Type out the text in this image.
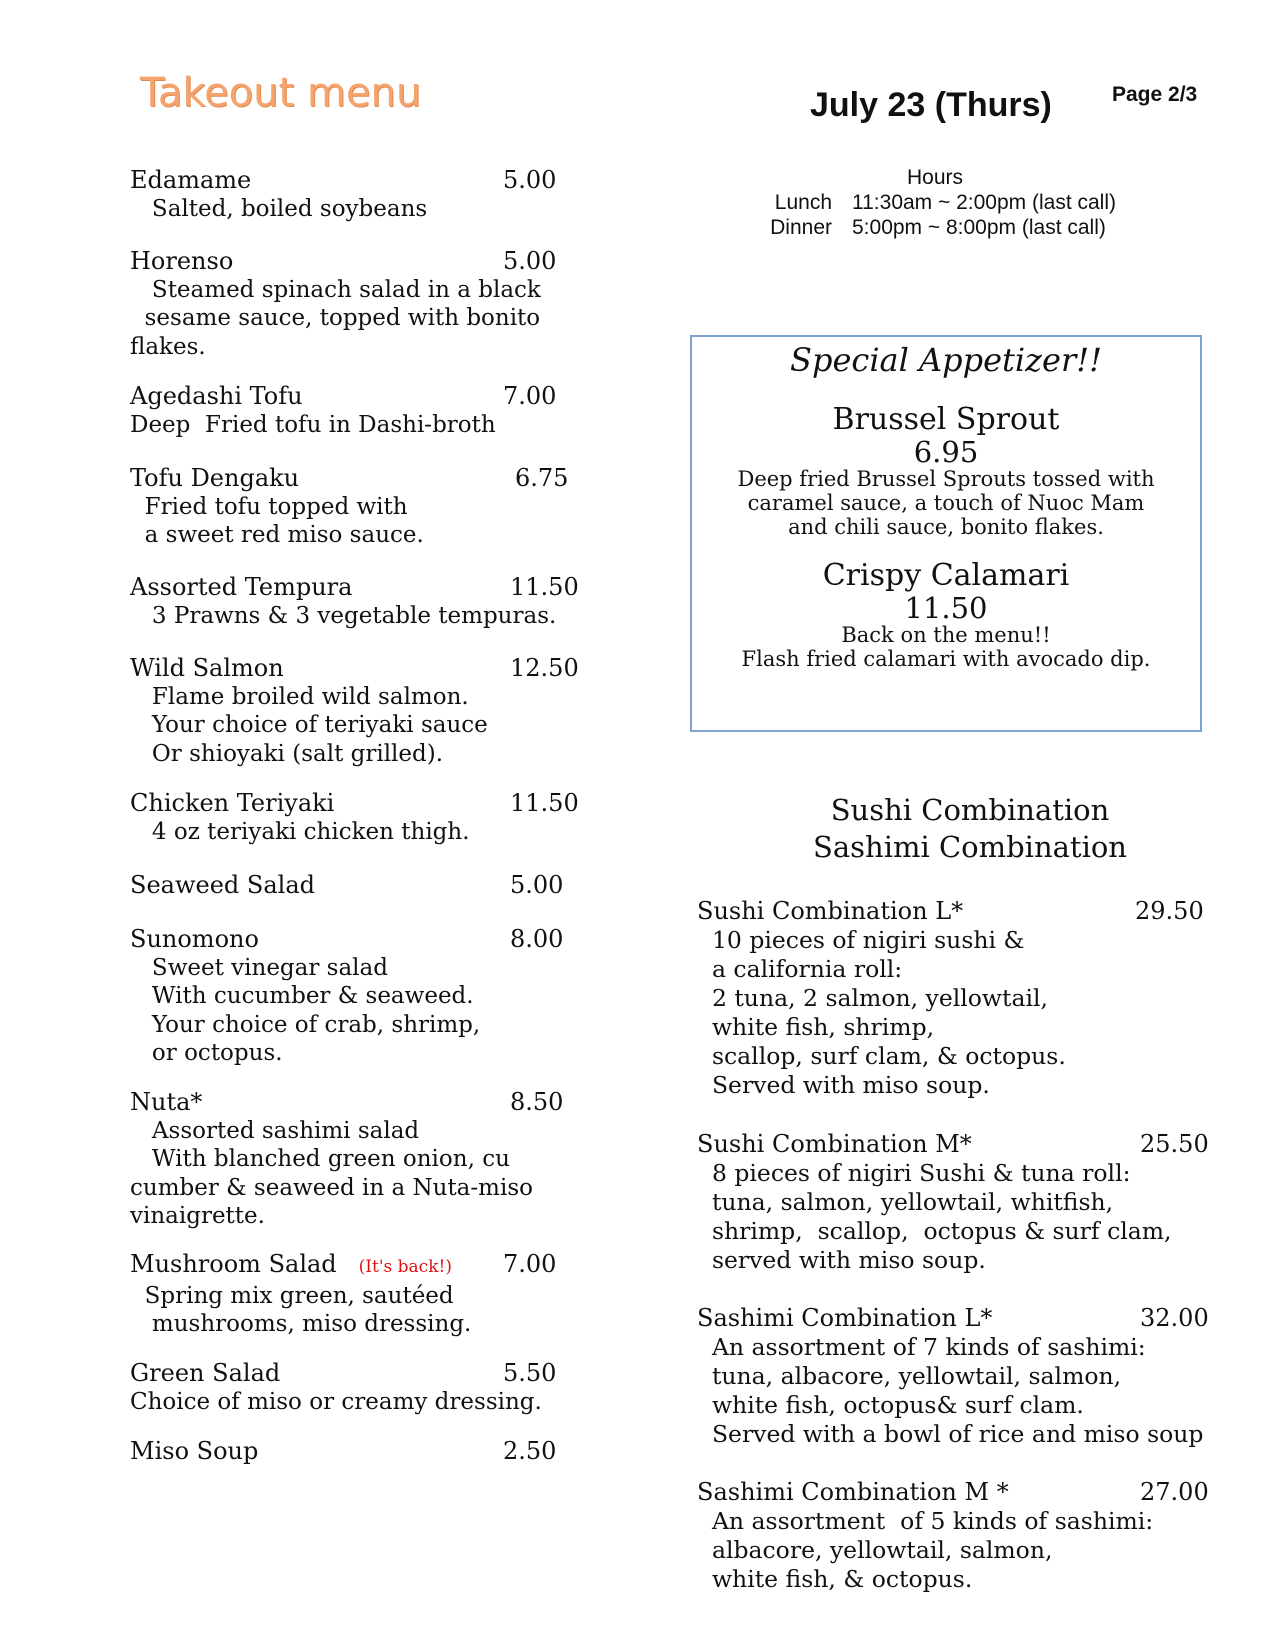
Takeout menu	July 23 (Thurs)	Page 2/3
Hours
Lunch 11:30am ~ 2:00pm (last call)
Dinner 5:00pm ~ 8:00pm (last call)
Edamame	5.00
Salted, boiled soybeans
Horenso	5.00
Steamed spinach salad in a black
sesame sauce, topped with bonito
flakes.
Agedashi Tofu	7.00
Deep  Fried tofu in Dashi-broth
Tofu Dengaku	6.75
Fried tofu topped with
a sweet red miso sauce.
Assorted Tempura	11.50
3 Prawns & 3 vegetable tempuras.
Wild Salmon	12.50
Flame broiled wild salmon.
Your choice of teriyaki sauce
Or shioyaki (salt grilled).
Chicken Teriyaki	11.50
4 oz teriyaki chicken thigh.
Seaweed Salad	5.00
Sunomono	8.00
Sweet vinegar salad
With cucumber & seaweed.
Your choice of crab, shrimp,
or octopus.
Nuta*	8.50
Assorted sashimi salad
With blanched green onion, cu
cumber & seaweed in a Nuta-miso
vinaigrette.
Mushroom Salad (It's back!) 7.00
Spring mix green, sautéed
mushrooms, miso dressing.
Green Salad	5.50
Choice of miso or creamy dressing.
Miso Soup	2.50
Special Appetizer!!
Brussel Sprout
6.95
Deep fried Brussel Sprouts tossed with
caramel sauce, a touch of Nuoc Mam
and chili sauce, bonito flakes.
Crispy Calamari
11.50
Back on the menu!!
Flash fried calamari with avocado dip.
Sushi Combination
Sashimi Combination
Sushi Combination L*	29.50
10 pieces of nigiri sushi &
a california roll:
2 tuna, 2 salmon, yellowtail,
white fish, shrimp,
scallop, surf clam, & octopus.
Served with miso soup.
Sushi Combination M*	25.50
8 pieces of nigiri Sushi & tuna roll:
tuna, salmon, yellowtail, whitfish,
shrimp,  scallop,  octopus & surf clam,
served with miso soup.
Sashimi Combination L*	32.00
An assortment of 7 kinds of sashimi:
tuna, albacore, yellowtail, salmon,
white fish, octopus& surf clam.
Served with a bowl of rice and miso soup
Sashimi Combination M *	27.00
An assortment  of 5 kinds of sashimi:
albacore, yellowtail, salmon,
white fish, & octopus.
